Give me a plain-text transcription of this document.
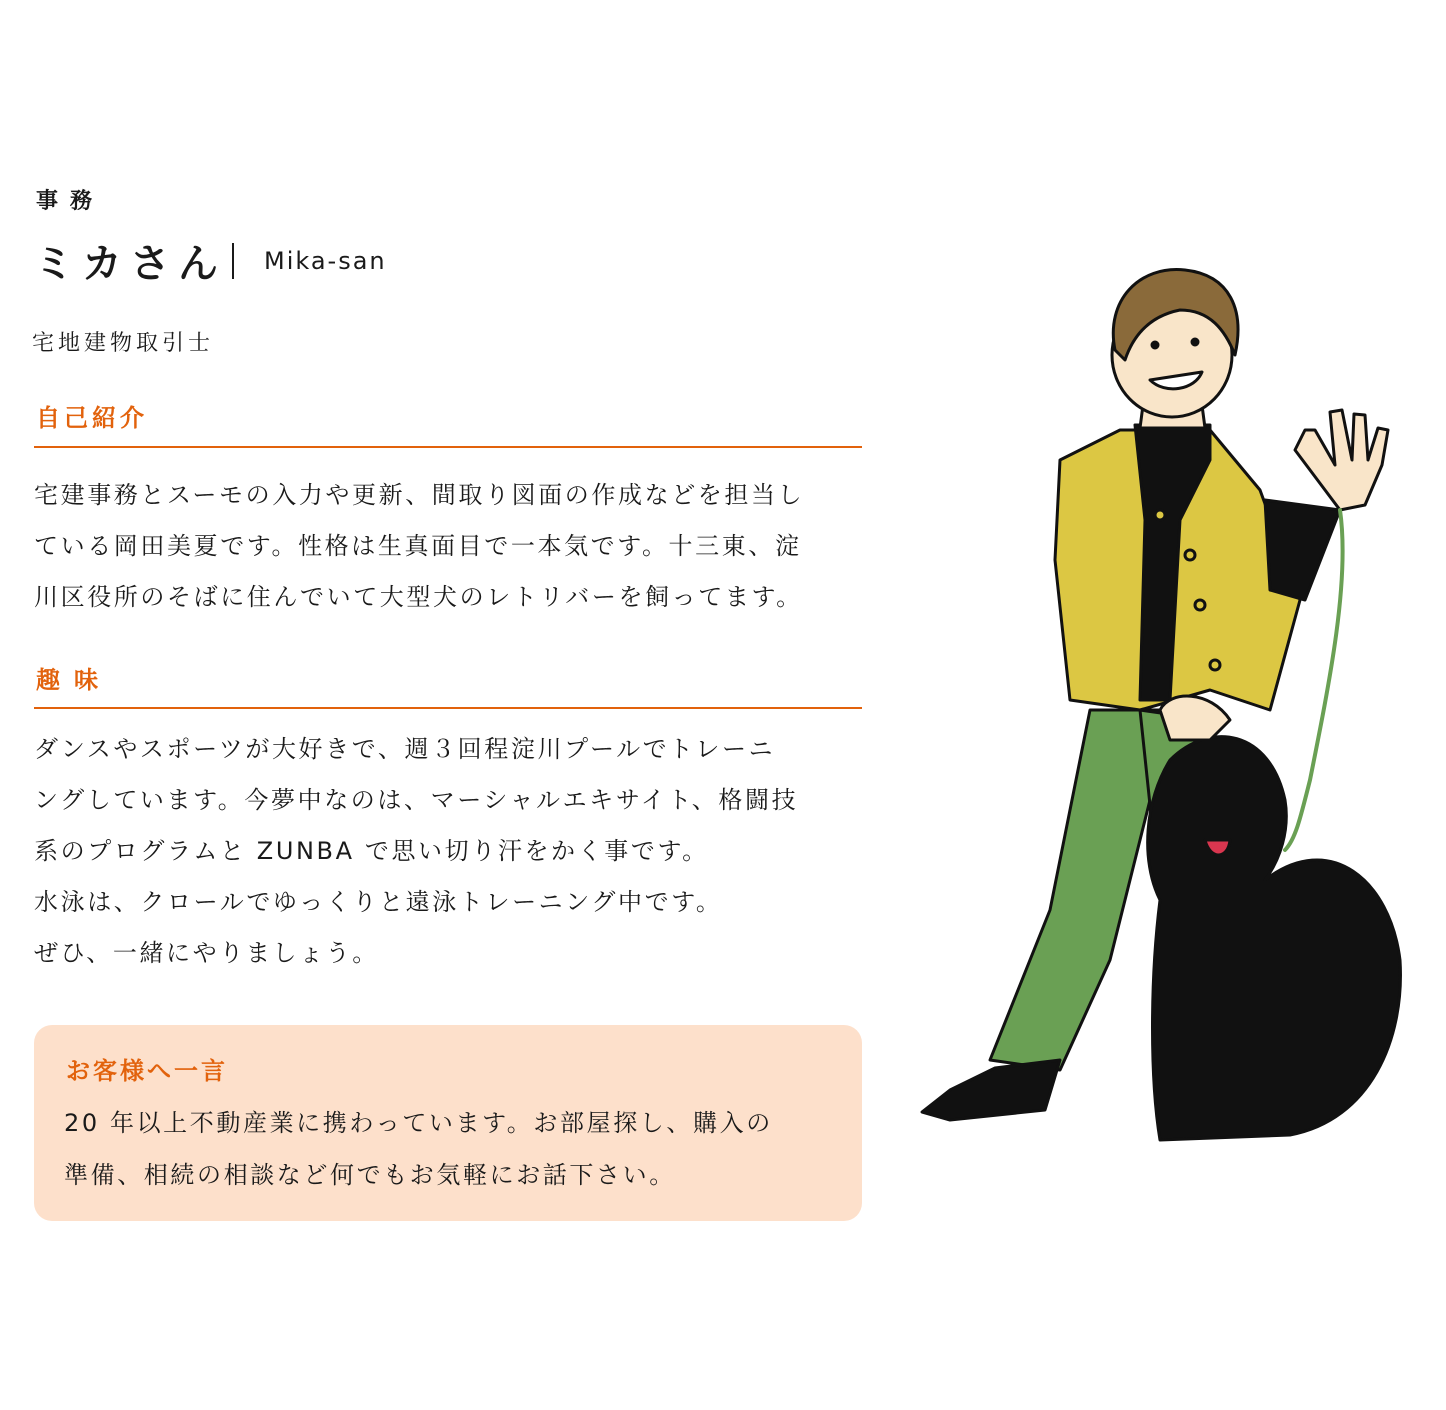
事務
ミカさん Mika-san
宅地建物取引士
自己紹介
宅建事務とスーモの入力や更新、間取り図面の作成などを担当し
ている岡田美夏です。性格は生真面目で一本気です。十三東、淀
川区役所のそばに住んでいて大型犬のレトリバーを飼ってます。
趣味
ダンスやスポーツが大好きで、週３回程淀川プールでトレーニ
ングしています。今夢中なのは、マーシャルエキサイト、格闘技
系のプログラムと ZUNBA で思い切り汗をかく事です。
水泳は、クロールでゆっくりと遠泳トレーニング中です。
ぜひ、一緒にやりましょう。
お客様へ一言
20 年以上不動産業に携わっています。お部屋探し、購入の
準備、相続の相談など何でもお気軽にお話下さい。
